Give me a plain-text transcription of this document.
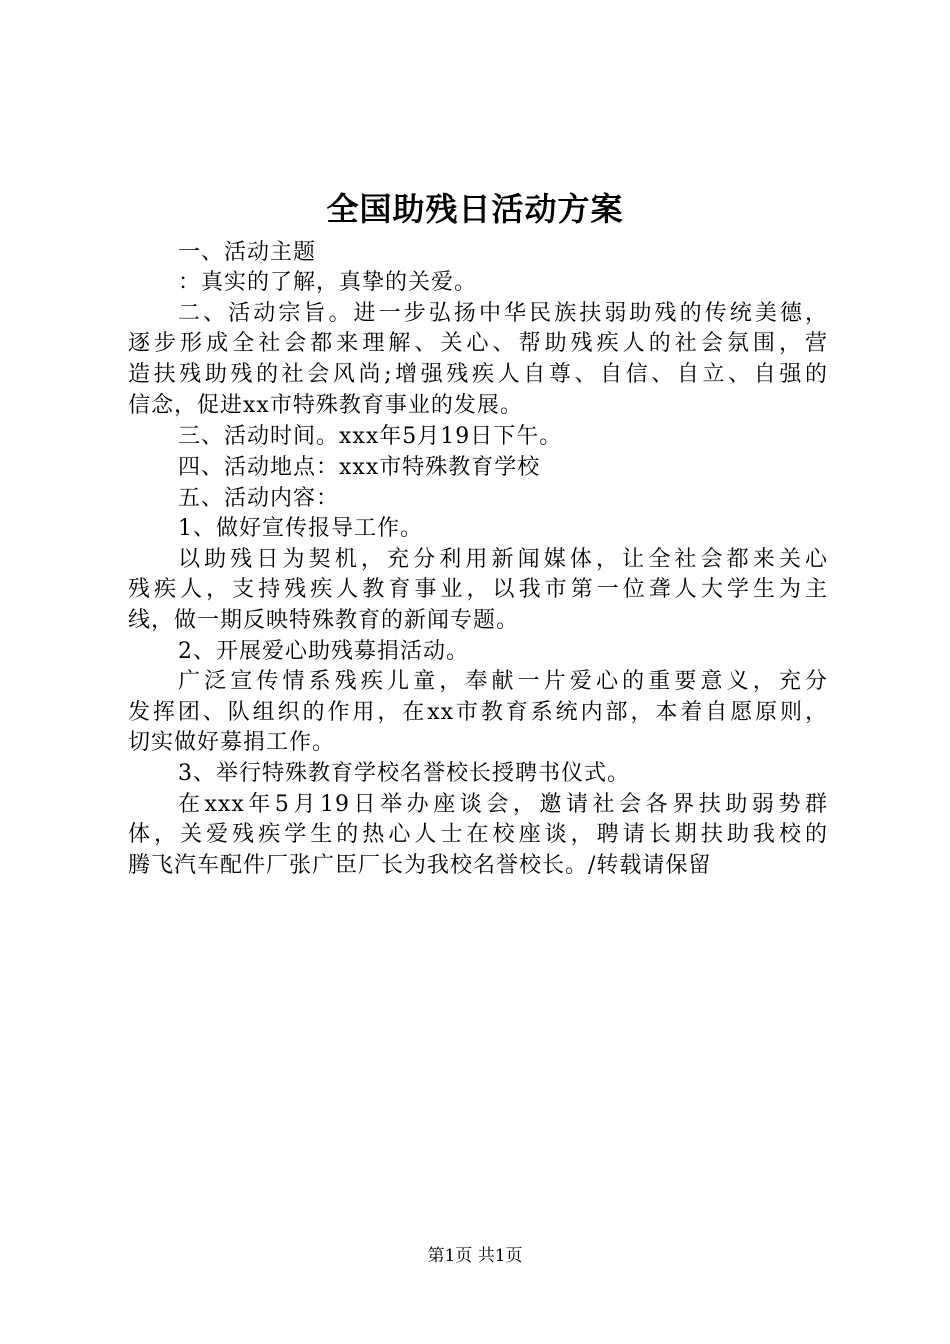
全国助残日活动方案
一、活动主题
：真实的了解，真挚的关爱。
二、活动宗旨。进一步弘扬中华民族扶弱助残的传统美德，
逐步形成全社会都来理解、关心、帮助残疾人的社会氛围，营
造扶残助残的社会风尚;增强残疾人自尊、自信、自立、自强的
信念，促进xx市特殊教育事业的发展。
三、活动时间。xxx年5月19日下午。
四、活动地点：xxx市特殊教育学校
五、活动内容：
1、做好宣传报导工作。
以助残日为契机，充分利用新闻媒体，让全社会都来关心
残疾人，支持残疾人教育事业，以我市第一位聋人大学生为主
线，做一期反映特殊教育的新闻专题。
2、开展爱心助残募捐活动。
广泛宣传情系残疾儿童，奉献一片爱心的重要意义，充分
发挥团、队组织的作用，在xx市教育系统内部，本着自愿原则，
切实做好募捐工作。
3、举行特殊教育学校名誉校长授聘书仪式。
在xxx年5月19日举办座谈会，邀请社会各界扶助弱势群
体，关爱残疾学生的热心人士在校座谈，聘请长期扶助我校的
腾飞汽车配件厂张广臣厂长为我校名誉校长。/转载请保留
第1页 共1页
